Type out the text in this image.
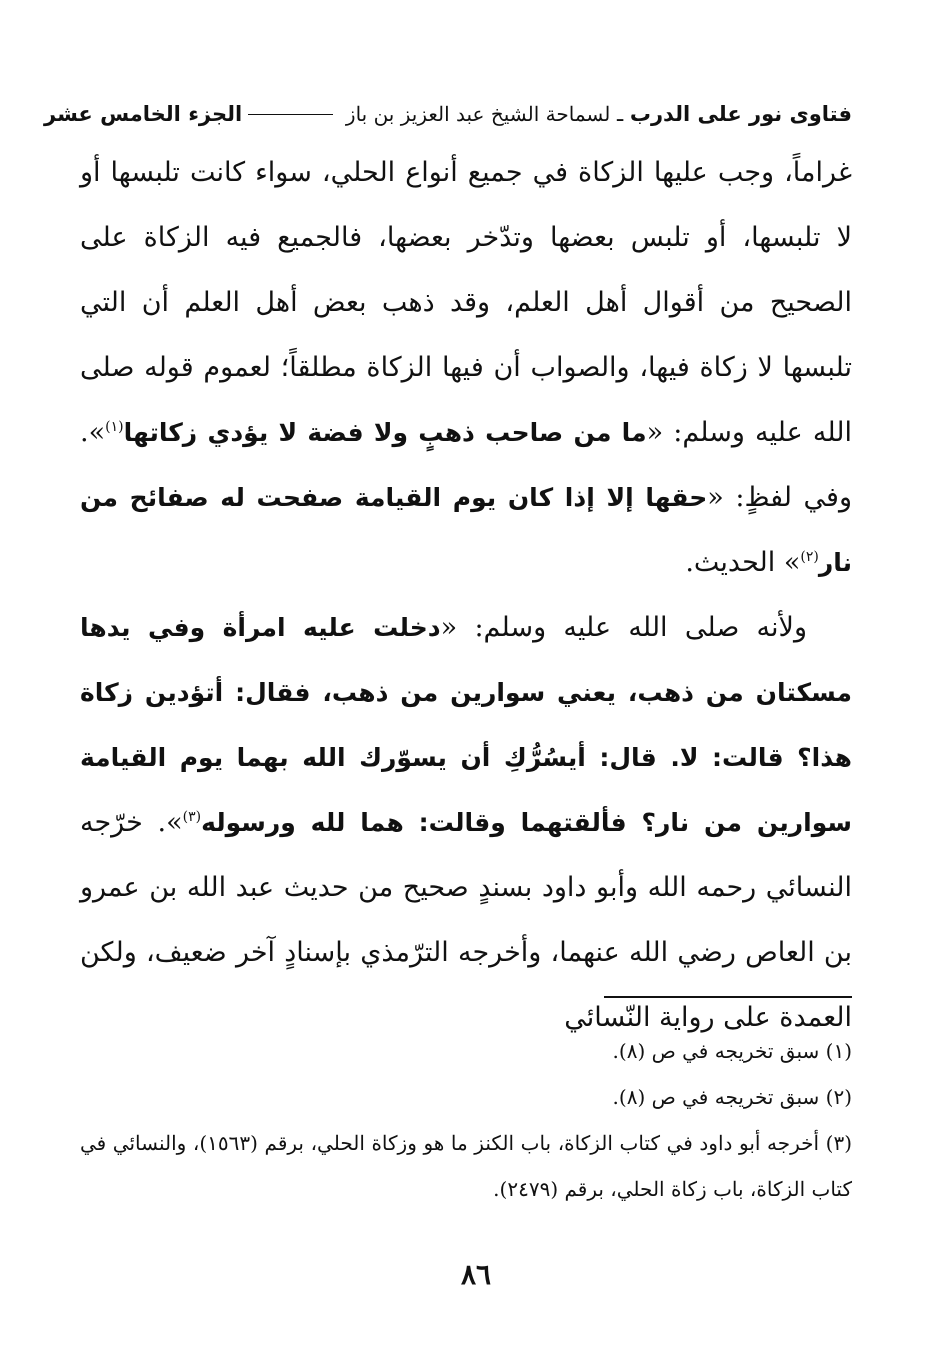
فتاوى نور على الدرب ـ لسماحة الشيخ عبد العزيز بن باز
الجزء الخامس عشر

غراماً، وجب عليها الزكاة في جميع أنواع الحلي، سواء كانت تلبسها أو لا تلبسها، أو تلبس بعضها وتدّخر بعضها، فالجميع فيه الزكاة على الصحيح من أقوال أهل العلم، وقد ذهب بعض أهل العلم أن التي تلبسها لا زكاة فيها، والصواب أن فيها الزكاة مطلقاً؛ لعموم قوله صلى الله عليه وسلم: «ما من صاحب ذهبٍ ولا فضة لا يؤدي زكاتها$^{(١)}$». وفي لفظٍ: «حقها إلا إذا كان يوم القيامة صفحت له صفائح من نار$^{(٢)}$» الحديث.

ولأنه صلى الله عليه وسلم: «دخلت عليه امرأة وفي يدها مسكتان من ذهب، يعني سوارين من ذهب، فقال: أتؤدين زكاة هذا؟ قالت: لا. قال: أيسُرُّكِ أن يسوّرك الله بهما يوم القيامة سوارين من نار؟ فألقتهما وقالت: هما لله ورسوله$^{(٣)}$». خرّجه النسائي رحمه الله وأبو داود بسندٍ صحيح من حديث عبد الله بن عمرو بن العاص رضي الله عنهما، وأخرجه الترّمذي بإسنادٍ آخر ضعيف، ولكن العمدة على رواية النّسائي

(١) سبق تخريجه في ص (٨).
(٢) سبق تخريجه في ص (٨).
(٣) أخرجه أبو داود في كتاب الزكاة، باب الكنز ما هو وزكاة الحلي، برقم (١٥٦٣)، والنسائي في كتاب الزكاة، باب زكاة الحلي، برقم (٢٤٧٩).
٨٦
